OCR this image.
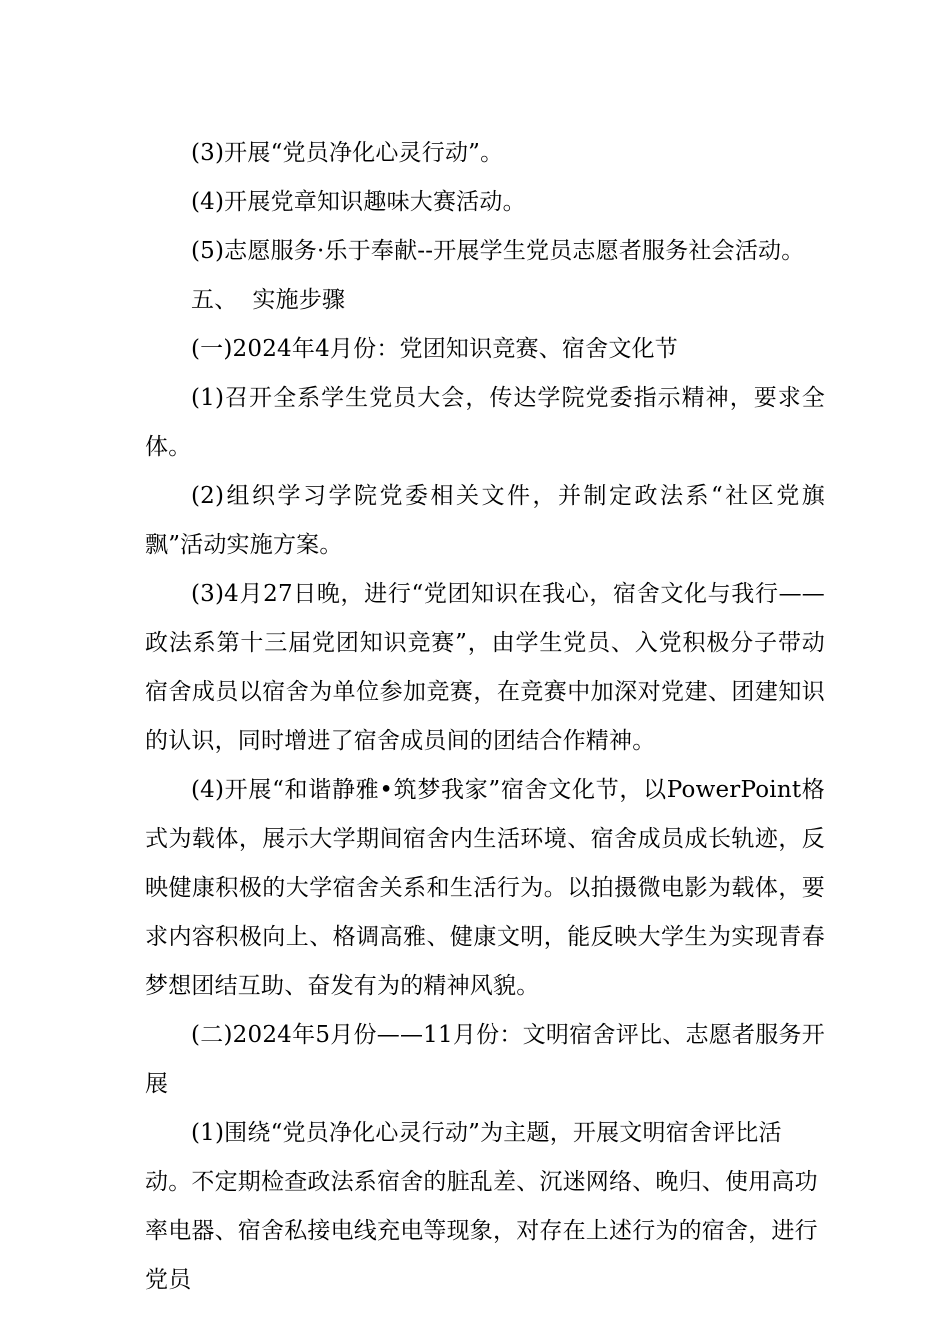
(3)开展“党员净化心灵行动”。

(4)开展党章知识趣味大赛活动。

(5)志愿服务·乐于奉献--开展学生党员志愿者服务社会活动。

五、  实施步骤

(一)2024年4月份：党团知识竞赛、宿舍文化节

(1)召开全系学生党员大会，传达学院党委指示精神，要求全体。

(2)组织学习学院党委相关文件，并制定政法系“社区党旗飘”活动实施方案。

(3)4月27日晚，进行“党团知识在我心，宿舍文化与我行——政法系第十三届党团知识竞赛”，由学生党员、入党积极分子带动宿舍成员以宿舍为单位参加竞赛，在竞赛中加深对党建、团建知识的认识，同时增进了宿舍成员间的团结合作精神。

(4)开展“和谐静雅•筑梦我家”宿舍文化节，以PowerPoint格式为载体，展示大学期间宿舍内生活环境、宿舍成员成长轨迹，反映健康积极的大学宿舍关系和生活行为。以拍摄微电影为载体，要求内容积极向上、格调高雅、健康文明，能反映大学生为实现青春梦想团结互助、奋发有为的精神风貌。

(二)2024年5月份——11月份：文明宿舍评比、志愿者服务开展

(1)围绕“党员净化心灵行动”为主题，开展文明宿舍评比活动。不定期检查政法系宿舍的脏乱差、沉迷网络、晚归、使用高功率电器、宿舍私接电线充电等现象，对存在上述行为的宿舍，进行党员
